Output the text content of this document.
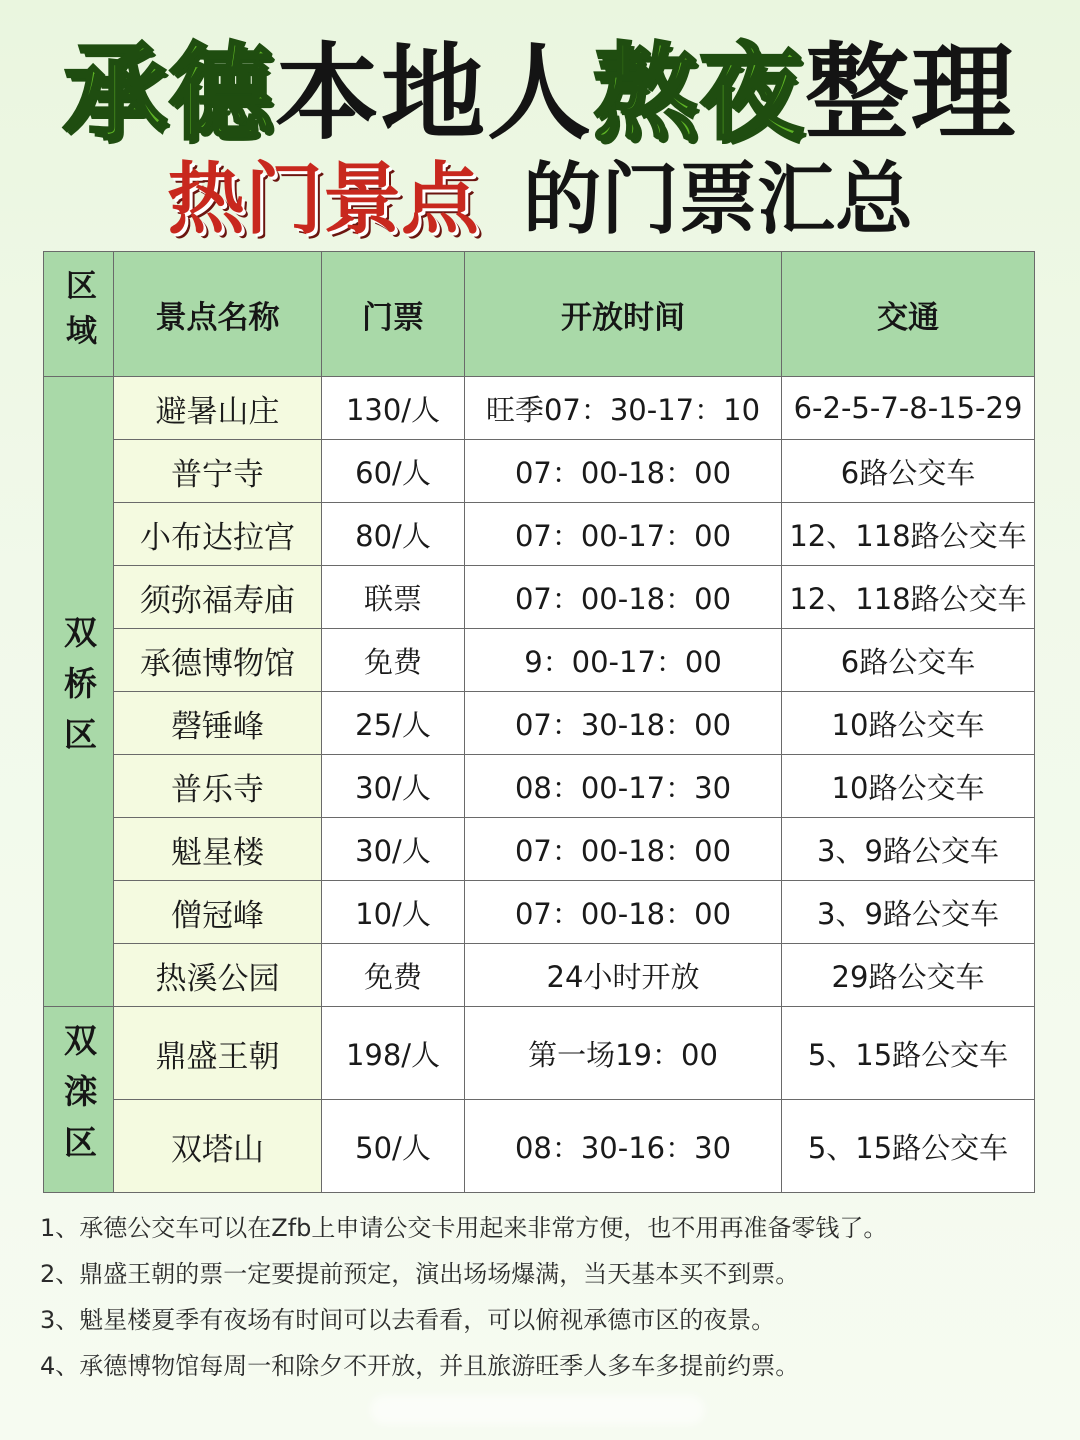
承德本地人熬夜整理
热门景点 的门票汇总
区域	景点名称	门票	开放时间	交通
双桥区	避暑山庄	130/人	旺季07：30-17：10	6-2-5-7-8-15-29
	普宁寺	60/人	07：00-18：00	6路公交车
	小布达拉宫	80/人	07：00-17：00	12、118路公交车
	须弥福寿庙	联票	07：00-18：00	12、118路公交车
	承德博物馆	免费	9：00-17：00	6路公交车
	磬锤峰	25/人	07：30-18：00	10路公交车
	普乐寺	30/人	08：00-17：30	10路公交车
	魁星楼	30/人	07：00-18：00	3、9路公交车
	僧冠峰	10/人	07：00-18：00	3、9路公交车
	热溪公园	免费	24小时开放	29路公交车
双滦区	鼎盛王朝	198/人	第一场19：00	5、15路公交车
	双塔山	50/人	08：30-16：30	5、15路公交车
1、承德公交车可以在Zfb上申请公交卡用起来非常方便，也不用再准备零钱了。
2、鼎盛王朝的票一定要提前预定，演出场场爆满，当天基本买不到票。
3、魁星楼夏季有夜场有时间可以去看看，可以俯视承德市区的夜景。
4、承德博物馆每周一和除夕不开放，并且旅游旺季人多车多提前约票。
